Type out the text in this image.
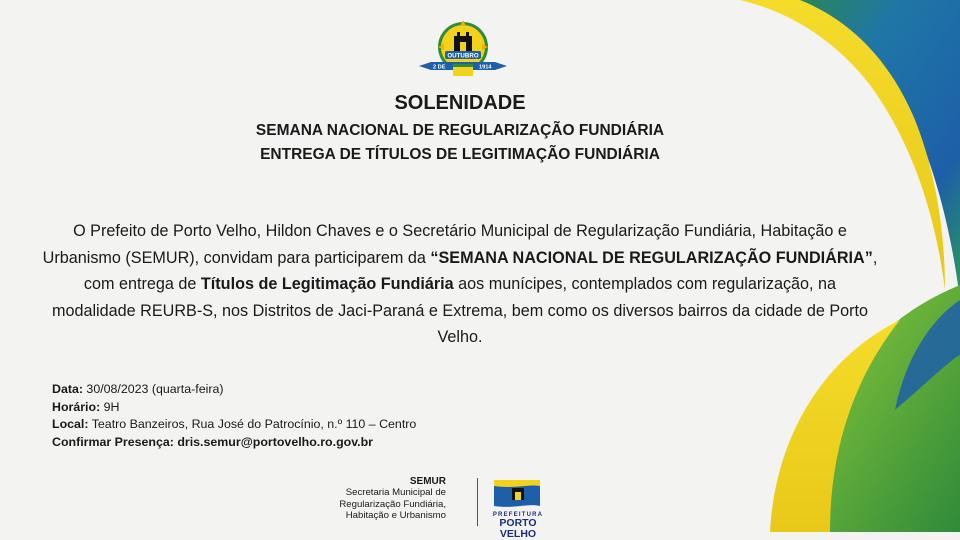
OUTUBRO
2 DE	1914
SOLENIDADE
SEMANA NACIONAL DE REGULARIZAÇÃO FUNDIÁRIA
ENTREGA DE TÍTULOS DE LEGITIMAÇÃO FUNDIÁRIA

O Prefeito de Porto Velho, Hildon Chaves e o Secretário Municipal de Regularização Fundiária, Habitação e Urbanismo (SEMUR), convidam para participarem da “SEMANA NACIONAL DE REGULARIZAÇÃO FUNDIÁRIA”, com entrega de Títulos de Legitimação Fundiária aos munícipes, contemplados com regularização, na modalidade REURB-S, nos Distritos de Jaci-Paraná e Extrema, bem como os diversos bairros da cidade de Porto Velho.

Data: 30/08/2023 (quarta-feira)
Horário: 9H
Local: Teatro Banzeiros, Rua José do Patrocínio, n.º 110 – Centro
Confirmar Presença: dris.semur@portovelho.ro.gov.br
SEMUR
Secretaria Municipal de
Regularização Fundiária,
Habitação e Urbanismo	PREFEITURA
PORTO VELHO
